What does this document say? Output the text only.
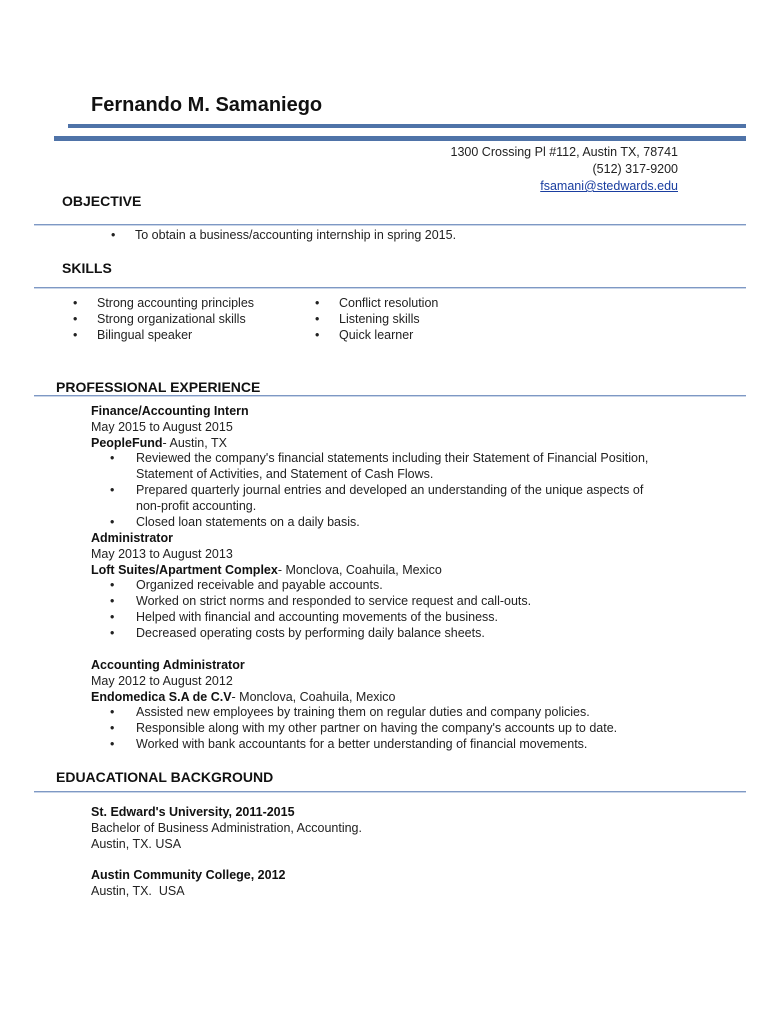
Fernando M. Samaniego
1300 Crossing Pl #112, Austin TX, 78741
(512) 317-9200
fsamani@stedwards.edu
OBJECTIVE
•	To obtain a business/accounting internship in spring 2015.
SKILLS
•	Strong accounting principles
•	Strong organizational skills
•	Bilingual speaker
•	Conflict resolution
•	Listening skills
•	Quick learner
PROFESSIONAL EXPERIENCE
Finance/Accounting Intern
May 2015 to August 2015
PeopleFund- Austin, TX
•	Reviewed the company's financial statements including their Statement of Financial Position, Statement of Activities, and Statement of Cash Flows.
•	Prepared quarterly journal entries and developed an understanding of the unique aspects of non-profit accounting.
•	Closed loan statements on a daily basis.
Administrator
May 2013 to August 2013
Loft Suites/Apartment Complex- Monclova, Coahuila, Mexico
•	Organized receivable and payable accounts.
•	Worked on strict norms and responded to service request and call-outs.
•	Helped with financial and accounting movements of the business.
•	Decreased operating costs by performing daily balance sheets.
Accounting Administrator
May 2012 to August 2012
Endomedica S.A de C.V- Monclova, Coahuila, Mexico
•	Assisted new employees by training them on regular duties and company policies.
•	Responsible along with my other partner on having the company's accounts up to date.
•	Worked with bank accountants for a better understanding of financial movements.
EDUACATIONAL BACKGROUND
St. Edward's University, 2011-2015
Bachelor of Business Administration, Accounting.
Austin, TX. USA
Austin Community College, 2012
Austin, TX.  USA
